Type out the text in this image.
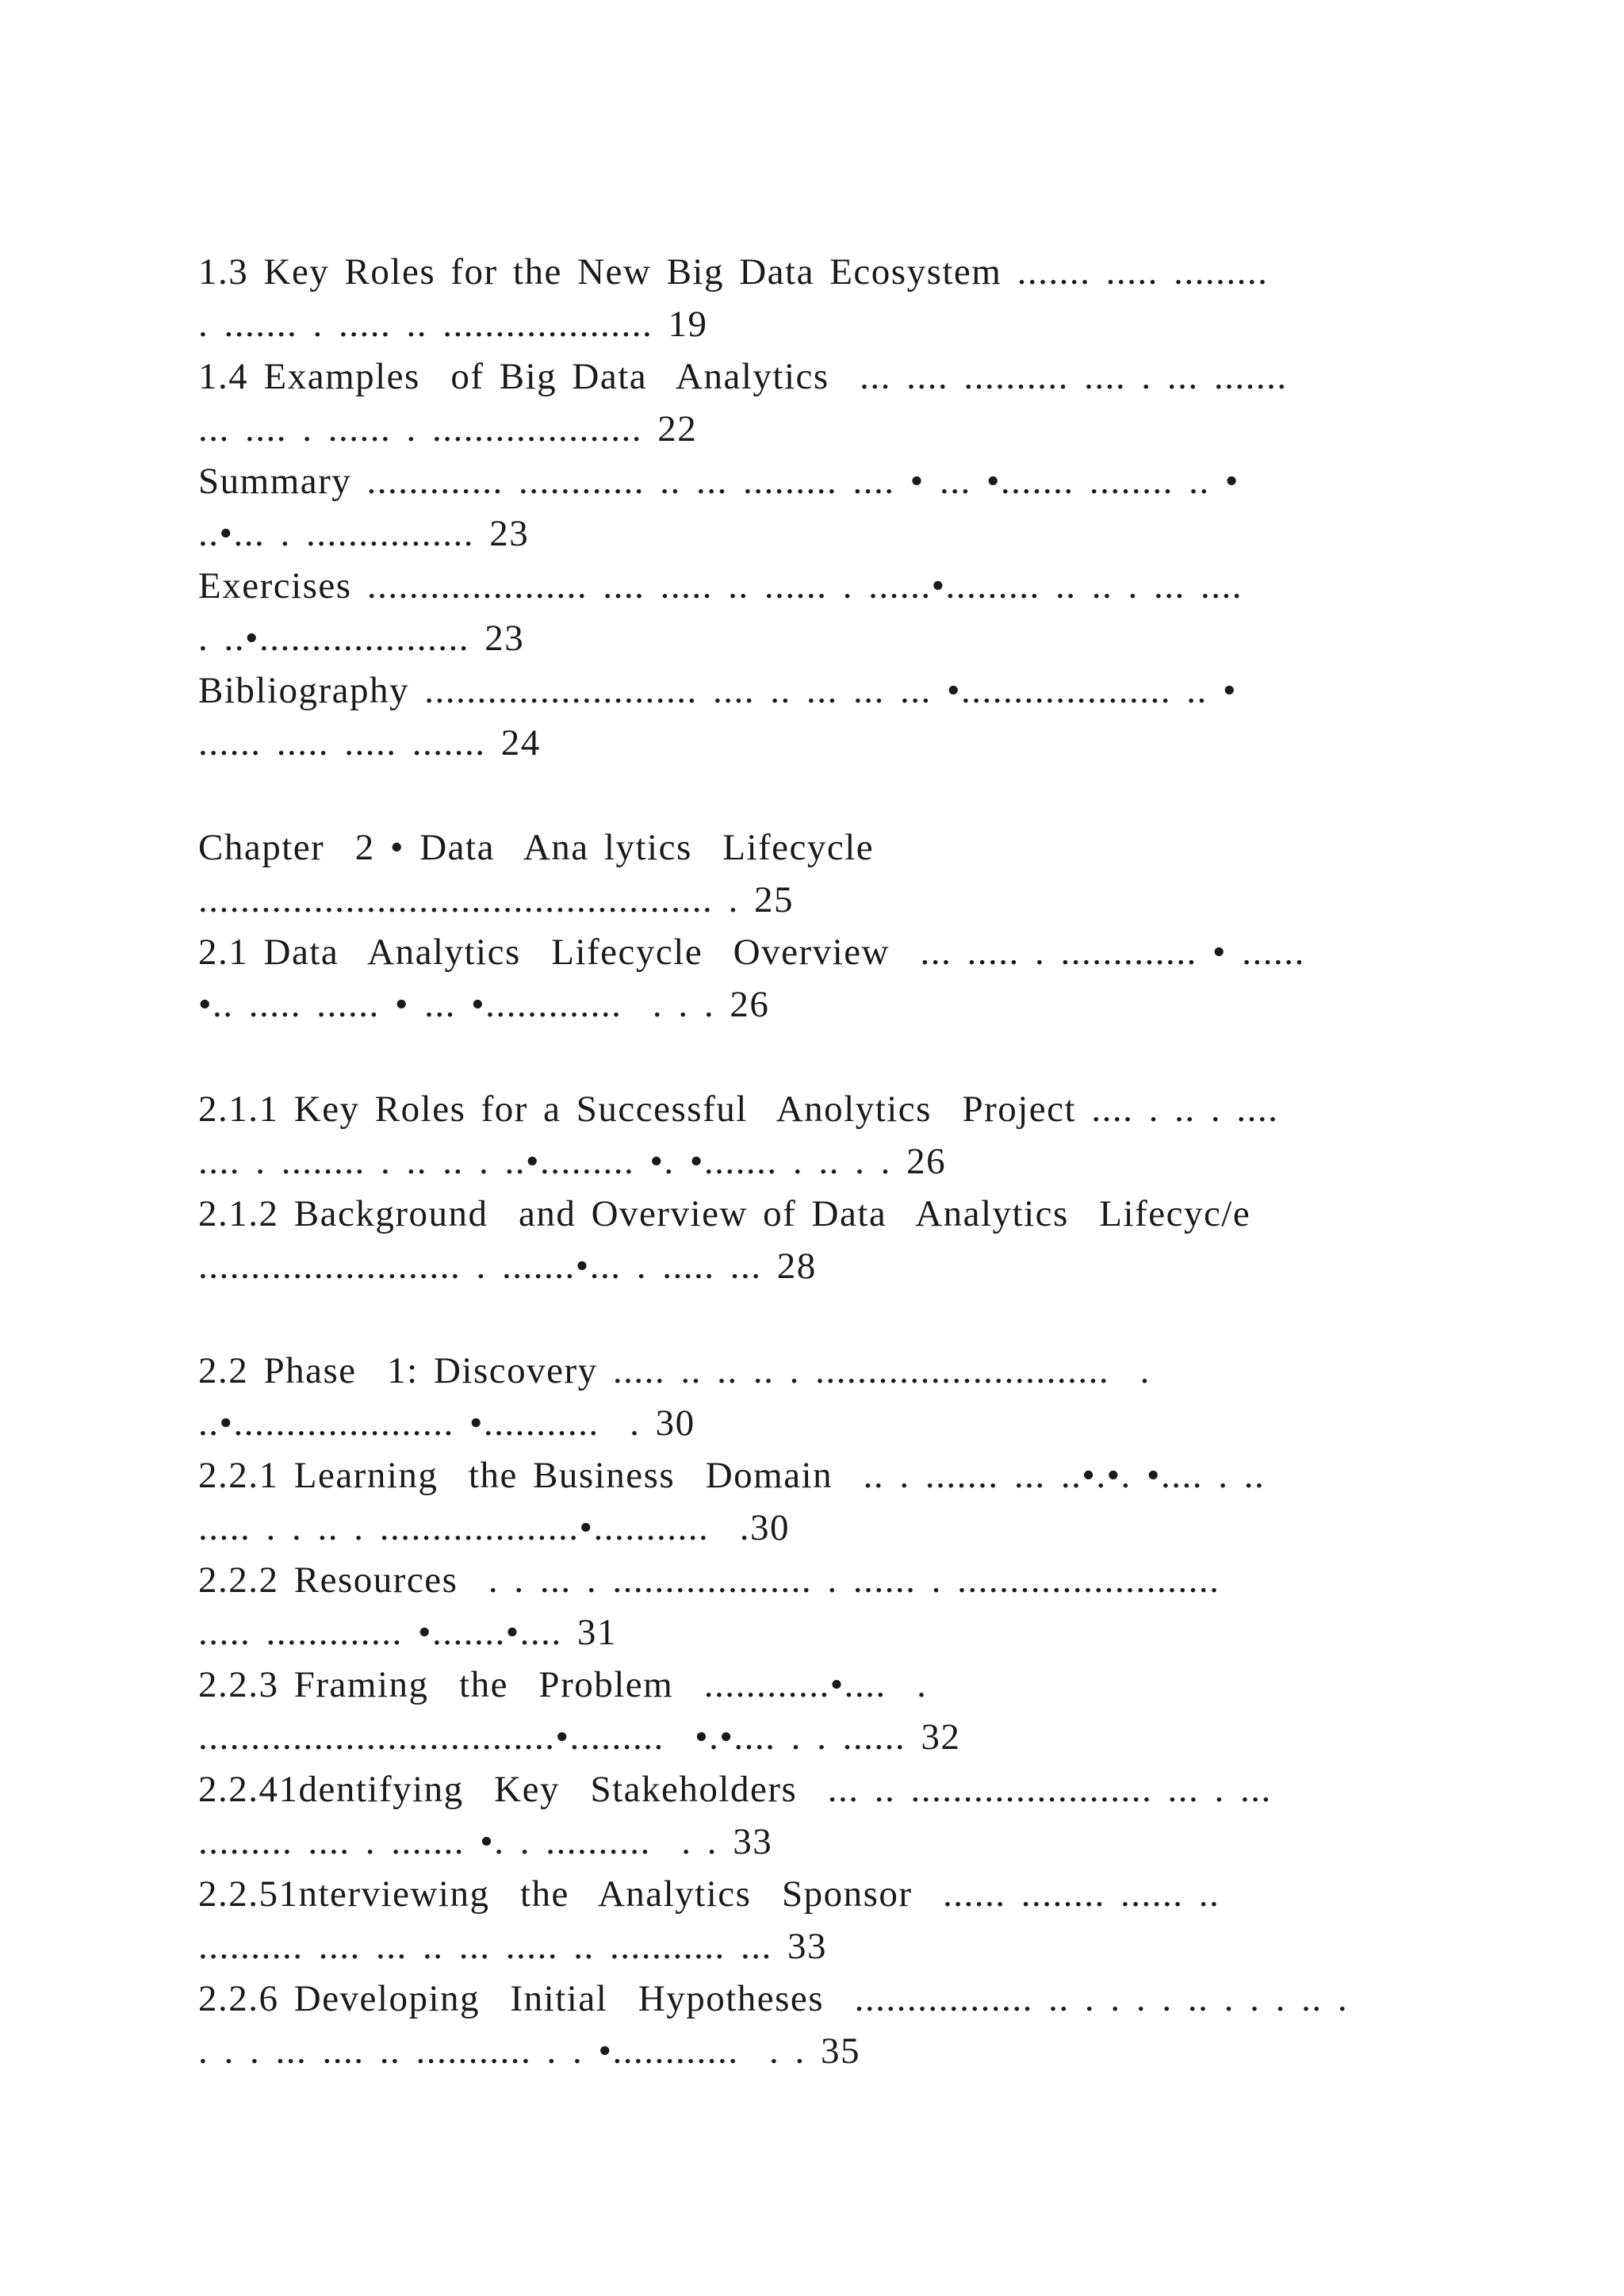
1.3 Key Roles for the New Big Data Ecosystem ....... ..... .........
. ....... . ..... .. .................... 19
1.4 Examples  of Big Data  Analytics  ... .... .......... .... . ... .......
... .... . ...... . .................... 22
Summary ............. ............ .. ... ......... .... • ... •....... ........ .. •
..•... . ................ 23
Exercises ..................... .... ..... .. ...... . ......•......... .. .. . ... ....
. ..•.................... 23
Bibliography .......................... .... .. ... ... ... •.................... .. •
...... ..... ..... ....... 24
Chapter  2 • Data  Ana lytics  Lifecycle
................................................. . 25
2.1 Data  Analytics  Lifecycle  Overview  ... ..... . ............. • ......
•.. ..... ...... • ... •.............  . . . 26
2.1.1 Key Roles for a Successful  Anolytics  Project .... . .. . ....
.... . ........ . .. .. . ..•......... •. •....... . .. . . 26
2.1.2 Background  and Overview of Data  Analytics  Lifecyc/e
......................... . .......•... . ..... ... 28
2.2 Phase  1: Discovery ..... .. .. .. . ............................  .
..•..................... •...........  . 30
2.2.1 Learning  the Business  Domain  .. . ....... ... ..•.•. •.... . ..
..... . . .. . ...................•...........  .30
2.2.2 Resources  . . ... . ................... . ...... . .........................
..... ............. •.......•.... 31
2.2.3 Framing  the  Problem  ............•....  .
..................................•.........  •.•.... . . ...... 32
2.2.41dentifying  Key  Stakeholders  ... .. ....................... ... . ...
......... .... . ....... •. . ..........  . . 33
2.2.51nterviewing  the  Analytics  Sponsor  ...... ........ ...... ..
.......... .... ... .. ... ..... .. ........... ... 33
2.2.6 Developing  Initial  Hypotheses  ................. .. . . . . .. . . . .. .
. . . ... .... .. ........... . . •............  . . 35
